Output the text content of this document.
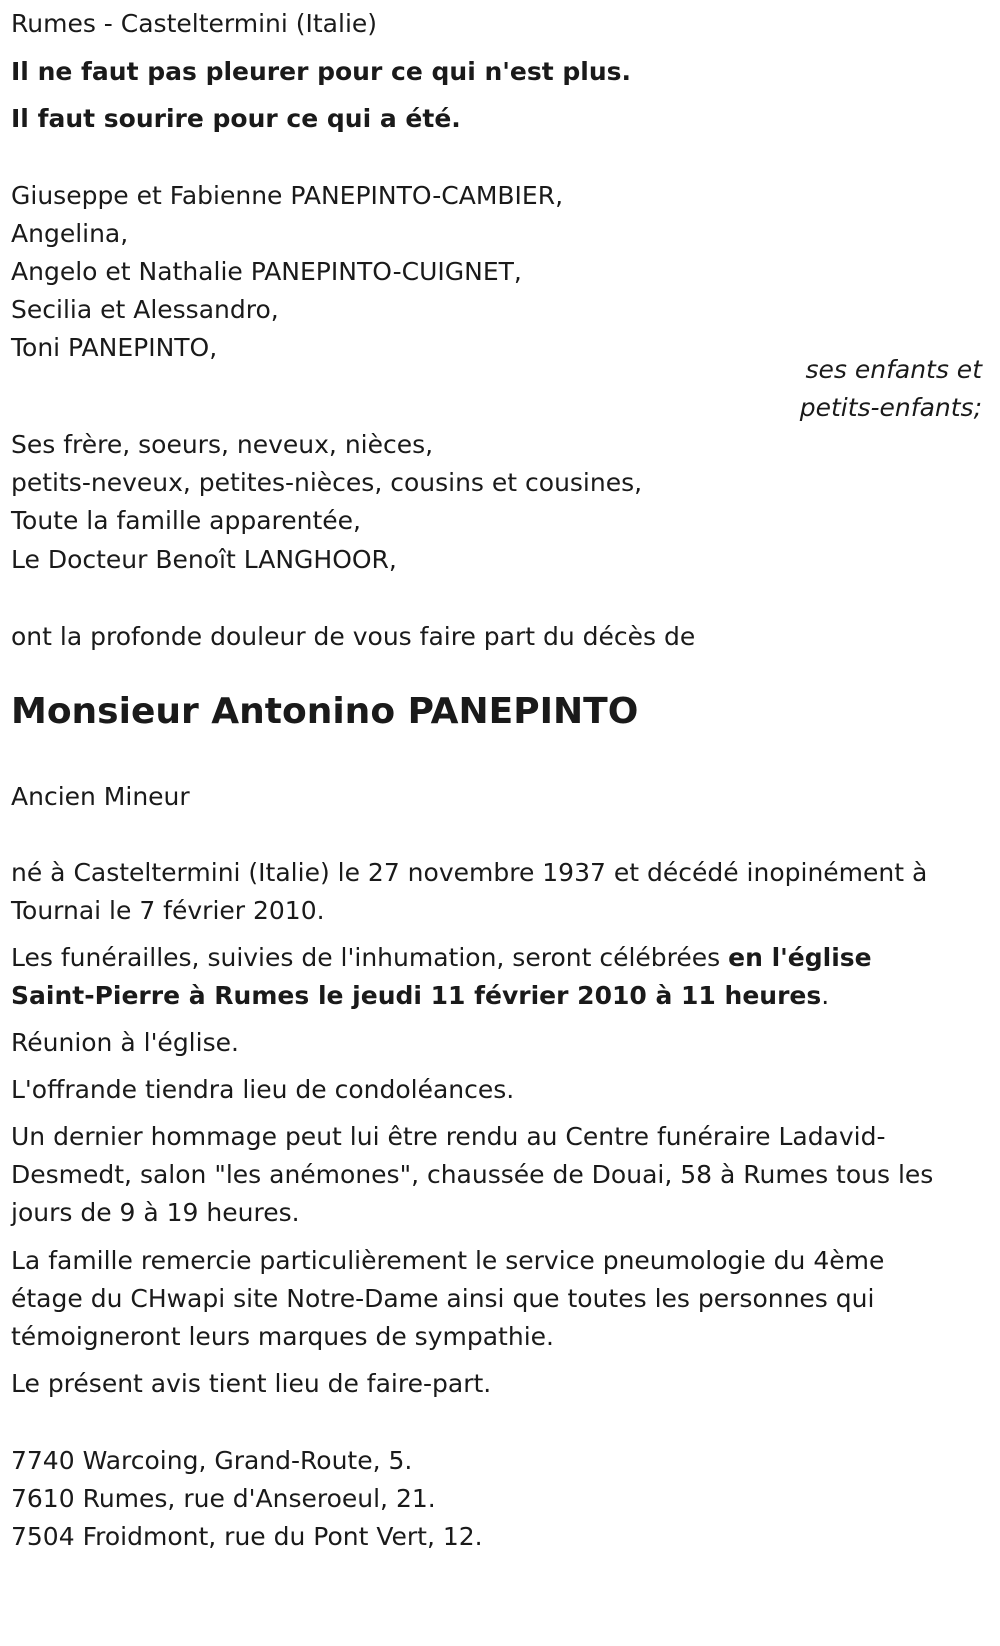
Rumes - Casteltermini (Italie)
Il ne faut pas pleurer pour ce qui n'est plus.
Il faut sourire pour ce qui a été.
Giuseppe et Fabienne PANEPINTO-CAMBIER,
Angelina,
Angelo et Nathalie PANEPINTO-CUIGNET,
Secilia et Alessandro,
Toni PANEPINTO,
ses enfants et
petits-enfants;
Ses frère, soeurs, neveux, nièces,
petits-neveux, petites-nièces, cousins et cousines,
Toute la famille apparentée,
Le Docteur Benoît LANGHOOR,
ont la profonde douleur de vous faire part du décès de
Monsieur Antonino PANEPINTO
Ancien Mineur
né à Casteltermini (Italie) le 27 novembre 1937 et décédé inopinément à
Tournai le 7 février 2010.
Les funérailles, suivies de l'inhumation, seront célébrées en l'église
Saint-Pierre à Rumes le jeudi 11 février 2010 à 11 heures.
Réunion à l'église.
L'offrande tiendra lieu de condoléances.
Un dernier hommage peut lui être rendu au Centre funéraire Ladavid-
Desmedt, salon "les anémones", chaussée de Douai, 58 à Rumes tous les
jours de 9 à 19 heures.
La famille remercie particulièrement le service pneumologie du 4ème
étage du CHwapi site Notre-Dame ainsi que toutes les personnes qui
témoigneront leurs marques de sympathie.
Le présent avis tient lieu de faire-part.
7740 Warcoing, Grand-Route, 5.
7610 Rumes, rue d'Anseroeul, 21.
7504 Froidmont, rue du Pont Vert, 12.
